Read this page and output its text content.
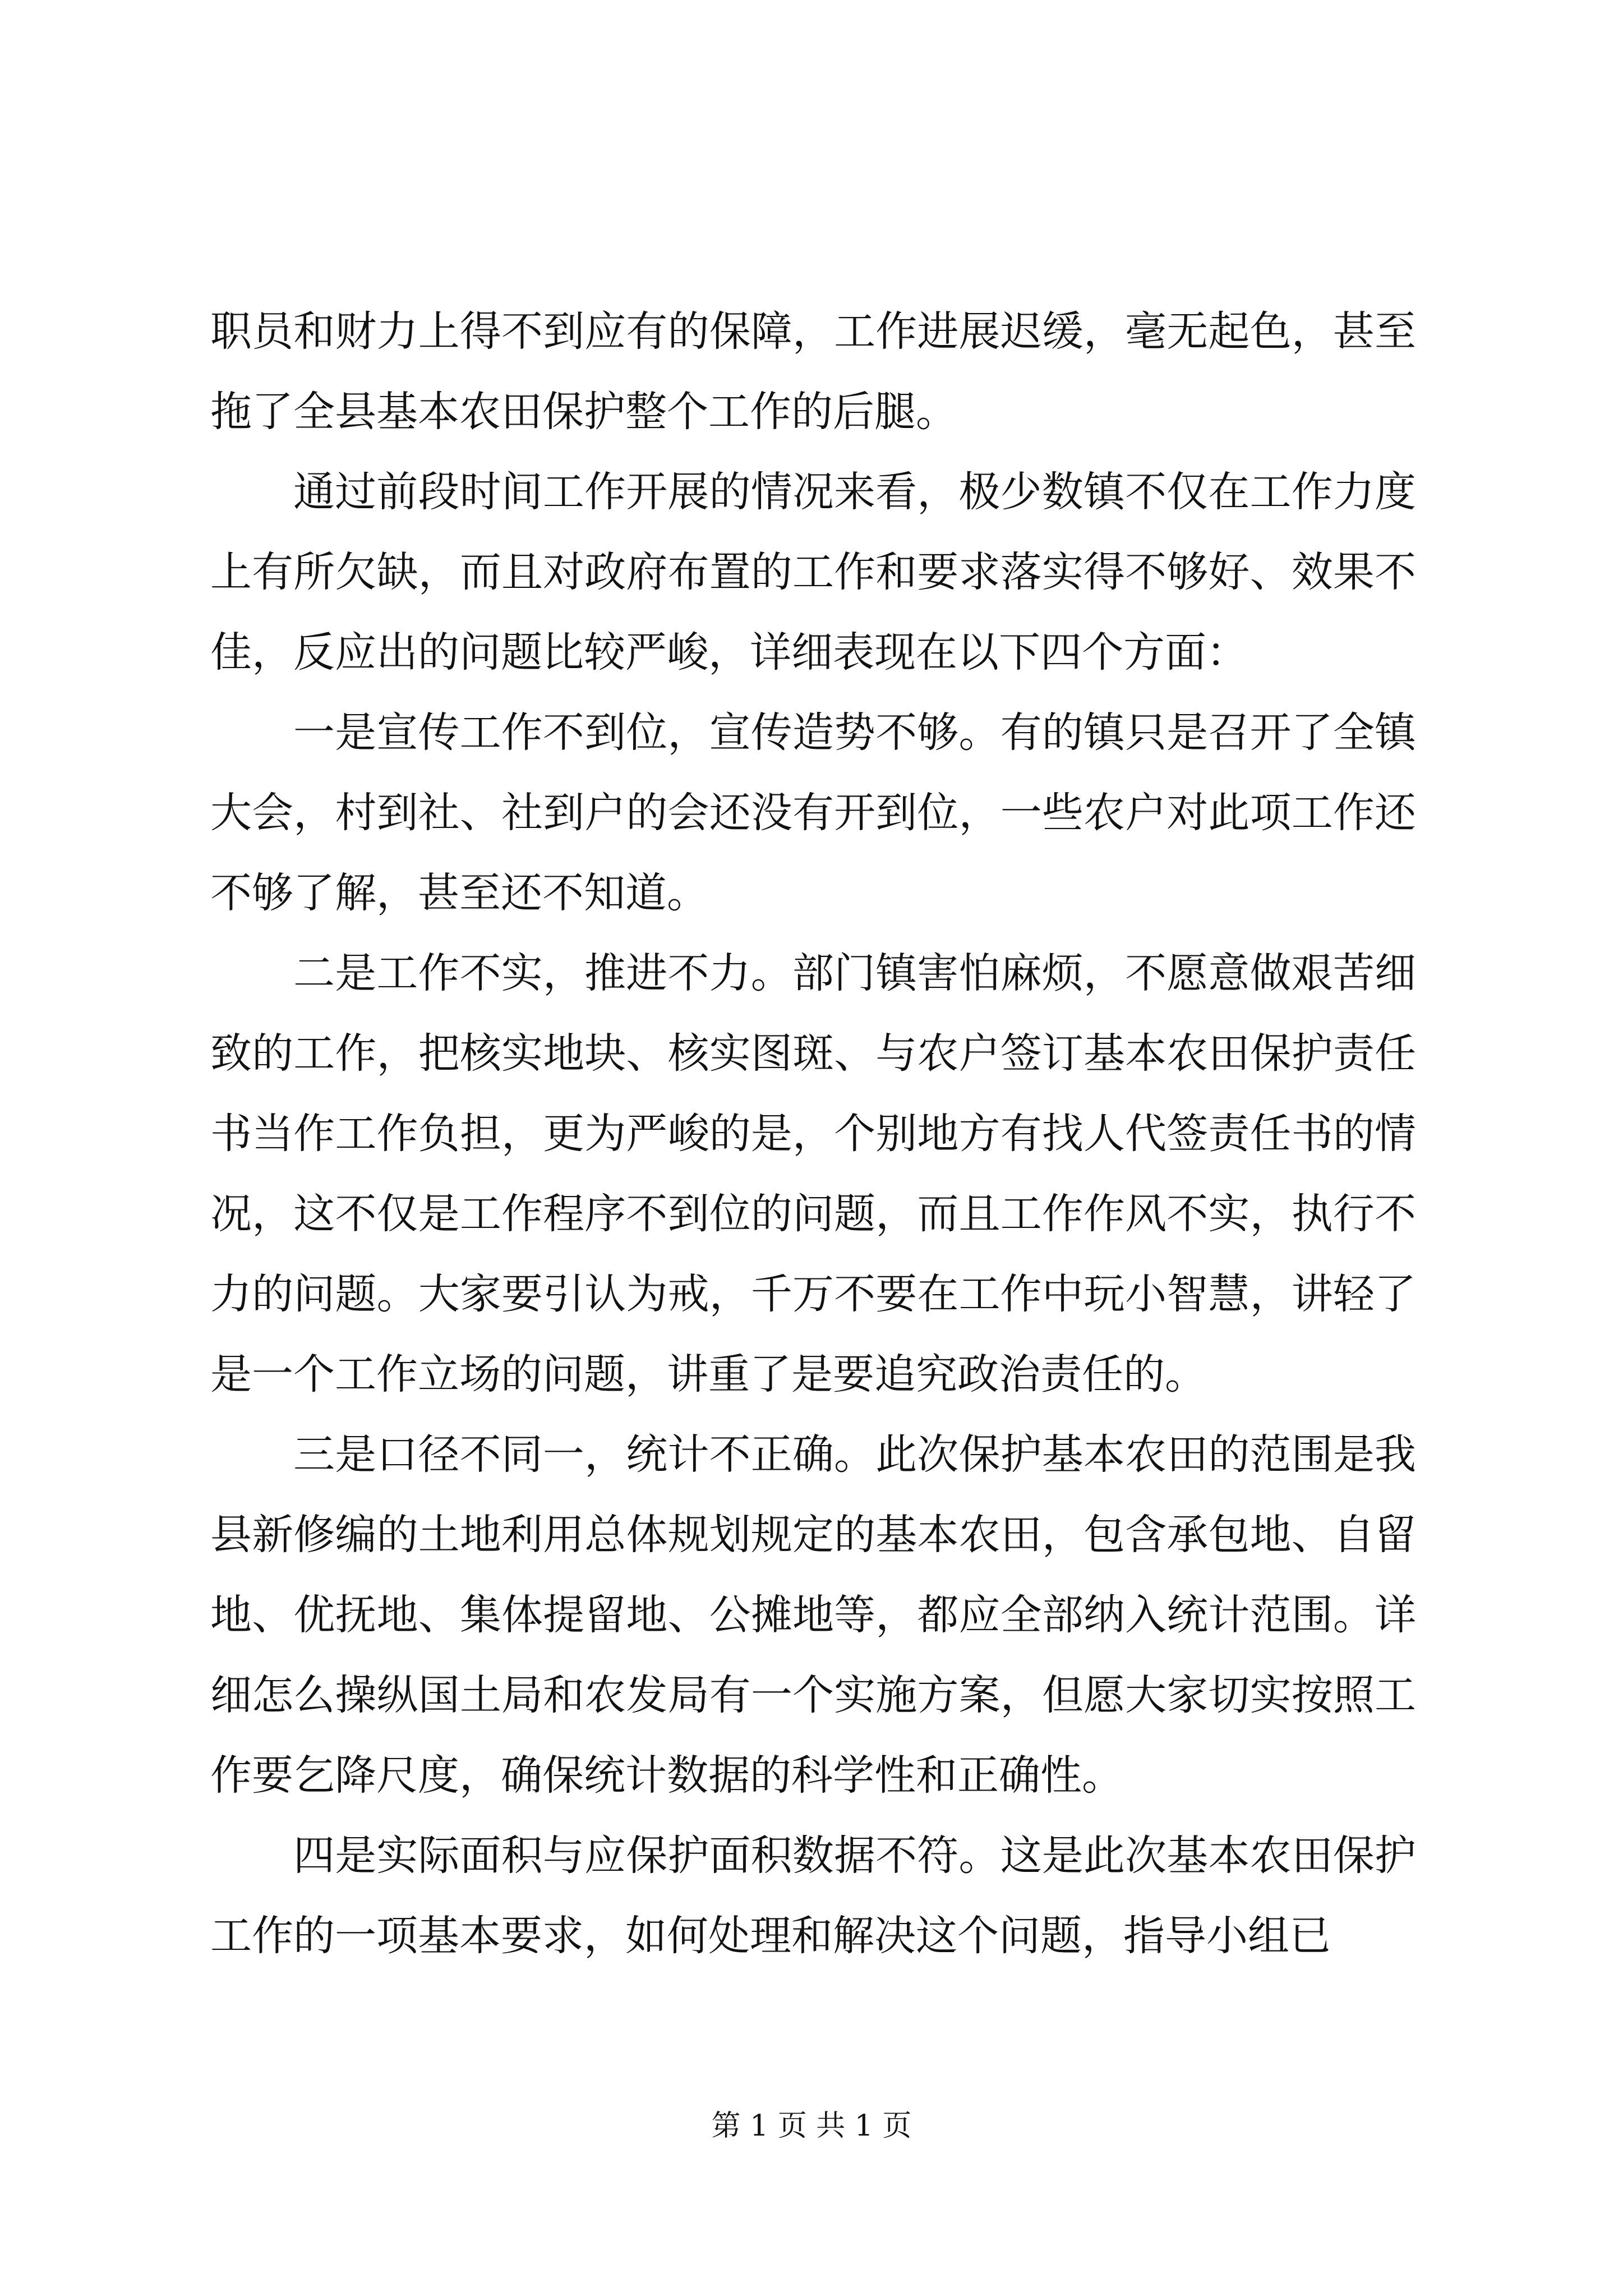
职员和财力上得不到应有的保障，工作进展迟缓，毫无起色，甚至拖了全县基本农田保护整个工作的后腿。

通过前段时间工作开展的情况来看，极少数镇不仅在工作力度上有所欠缺，而且对政府布置的工作和要求落实得不够好、效果不佳，反应出的问题比较严峻，详细表现在以下四个方面：

一是宣传工作不到位，宣传造势不够。有的镇只是召开了全镇大会，村到社、社到户的会还没有开到位，一些农户对此项工作还不够了解，甚至还不知道。

二是工作不实，推进不力。部门镇害怕麻烦，不愿意做艰苦细致的工作，把核实地块、核实图斑、与农户签订基本农田保护责任书当作工作负担，更为严峻的是，个别地方有找人代签责任书的情况，这不仅是工作程序不到位的问题，而且工作作风不实，执行不力的问题。大家要引认为戒，千万不要在工作中玩小智慧，讲轻了是一个工作立场的问题，讲重了是要追究政治责任的。

三是口径不同一，统计不正确。此次保护基本农田的范围是我县新修编的土地利用总体规划规定的基本农田，包含承包地、自留地、优抚地、集体提留地、公摊地等，都应全部纳入统计范围。详细怎么操纵国土局和农发局有一个实施方案，但愿大家切实按照工作要乞降尺度，确保统计数据的科学性和正确性。

四是实际面积与应保护面积数据不符。这是此次基本农田保护工作的一项基本要求，如何处理和解决这个问题，指导小组已

第 1 页 共 1 页
